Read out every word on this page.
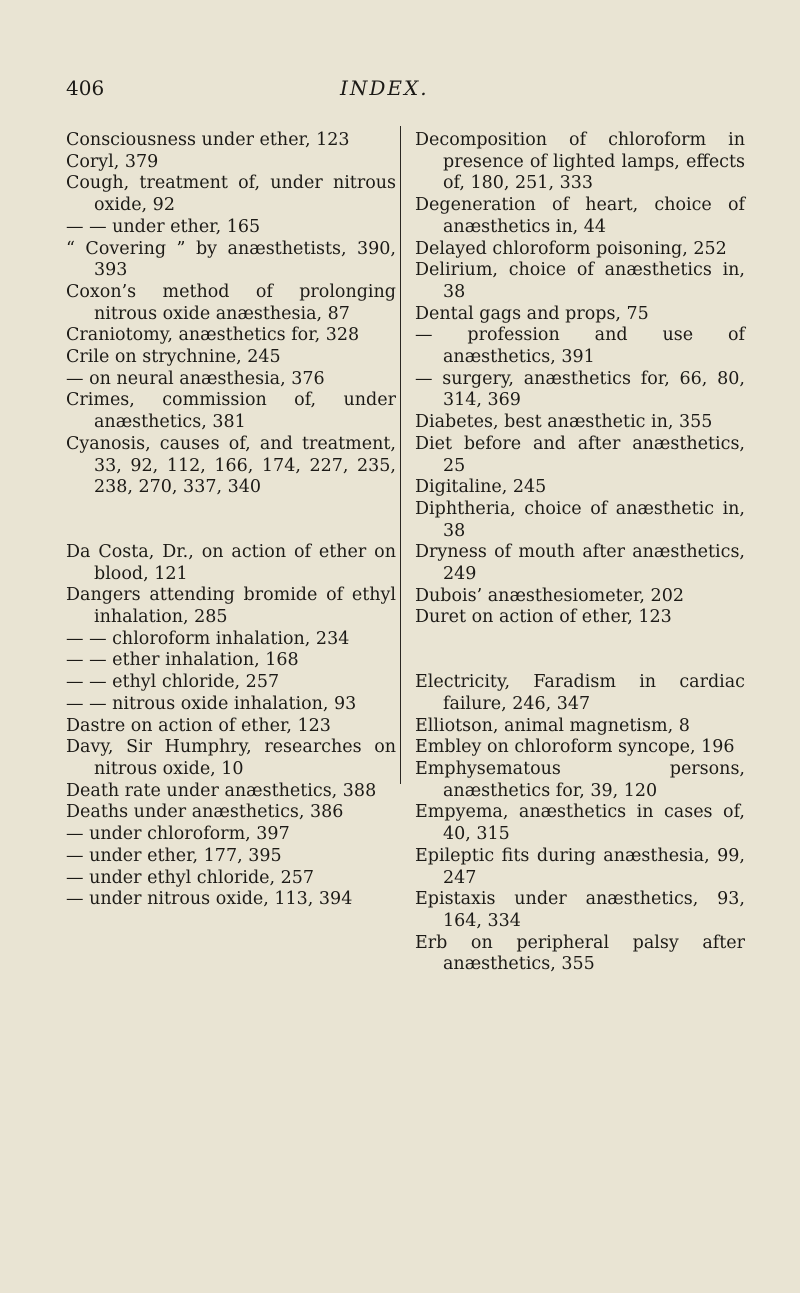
406	INDEX.
Consciousness under ether, 123
Coryl, 379
Cough, treatment of, under nitrous oxide, 92
— — under ether, 165
“ Covering ” by anæsthetists, 390, 393
Coxon’s method of prolonging nitrous oxide anæsthesia, 87
Craniotomy, anæsthetics for, 328
Crile on strychnine, 245
— on neural anæsthesia, 376
Crimes, commission of, under anæsthetics, 381
Cyanosis, causes of, and treatment, 33, 92, 112, 166, 174, 227, 235, 238, 270, 337, 340
Da Costa, Dr., on action of ether on blood, 121
Dangers attending bromide of ethyl inhalation, 285
— — chloroform inhalation, 234
— — ether inhalation, 168
— — ethyl chloride, 257
— — nitrous oxide inhalation, 93
Dastre on action of ether, 123
Davy, Sir Humphry, researches on nitrous oxide, 10
Death rate under anæsthetics, 388
Deaths under anæsthetics, 386
— under chloroform, 397
— under ether, 177, 395
— under ethyl chloride, 257
— under nitrous oxide, 113, 394
Decomposition of chloroform in presence of lighted lamps, effects of, 180, 251, 333
Degeneration of heart, choice of anæsthetics in, 44
Delayed chloroform poisoning, 252
Delirium, choice of anæsthetics in, 38
Dental gags and props, 75
— profession and use of anæsthetics, 391
— surgery, anæsthetics for, 66, 80, 314, 369
Diabetes, best anæsthetic in, 355
Diet before and after anæsthetics, 25
Digitaline, 245
Diphtheria, choice of anæsthetic in, 38
Dryness of mouth after anæsthetics, 249
Dubois’ anæsthesiometer, 202
Duret on action of ether, 123
Electricity, Faradism in cardiac failure, 246, 347
Elliotson, animal magnetism, 8
Embley on chloroform syncope, 196
Emphysematous persons, anæsthetics for, 39, 120
Empyema, anæsthetics in cases of, 40, 315
Epileptic fits during anæsthesia, 99, 247
Epistaxis under anæsthetics, 93, 164, 334
Erb on peripheral palsy after anæsthetics, 355
